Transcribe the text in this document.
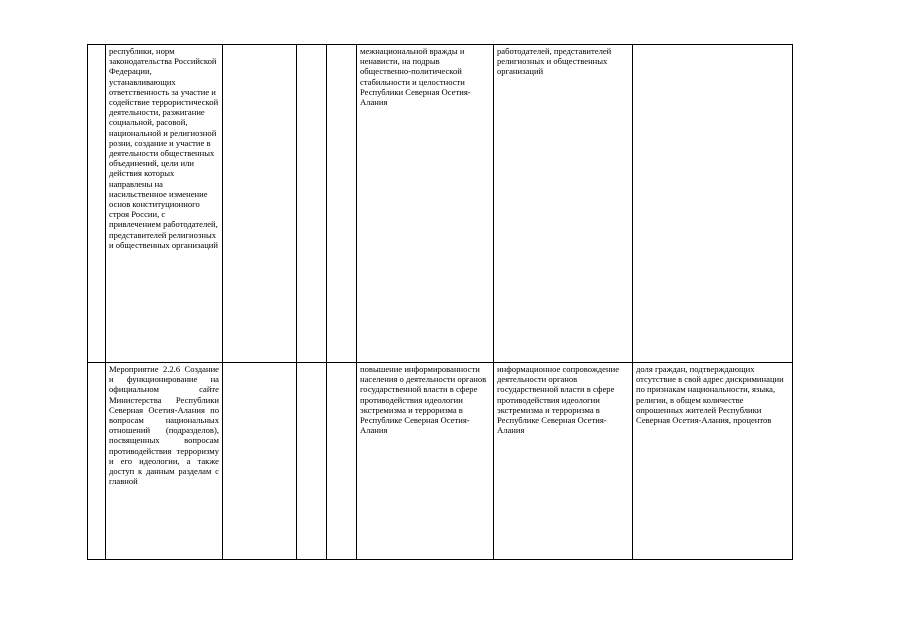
	республики, норм законодательства Российской Федерации, устанавливающих ответственность за участие и содействие террористической деятельности, разжигание социальной, расовой, национальной и религиозной розни, создание и участие в деятельности общественных объединений, цели или действия которых направлены на насильственное изменение основ конституционного строя России, с привлечением работодателей, представителей религиозных и общественных организаций				межнациональной вражды и ненависти, на подрыв общественно-политической стабильности и целостности Республики Северная Осетия-Алания	работодателей, представителей религиозных и общественных организаций	
	Мероприятие 2.2.6 Создание и функционирование на официальном сайте Министерства Республики Северная Осетия-Алания по вопросам национальных отношений (подразделов), посвященных вопросам противодействия терроризму и его идеологии, а также доступ к данным разделам с главной				повышение информированности населения о деятельности органов государственной власти в сфере противодействия идеологии экстремизма и терроризма в Республике Северная Осетия-Алания	информационное сопровождение деятельности органов государственной власти в сфере противодействия идеологии экстремизма и терроризма в Республике Северная Осетия-Алания	доля граждан, подтверждающих отсутствие в свой адрес дискриминации по признакам национальности, языка, религии, в общем количестве опрошенных жителей Республики Северная Осетия-Алания, процентов
